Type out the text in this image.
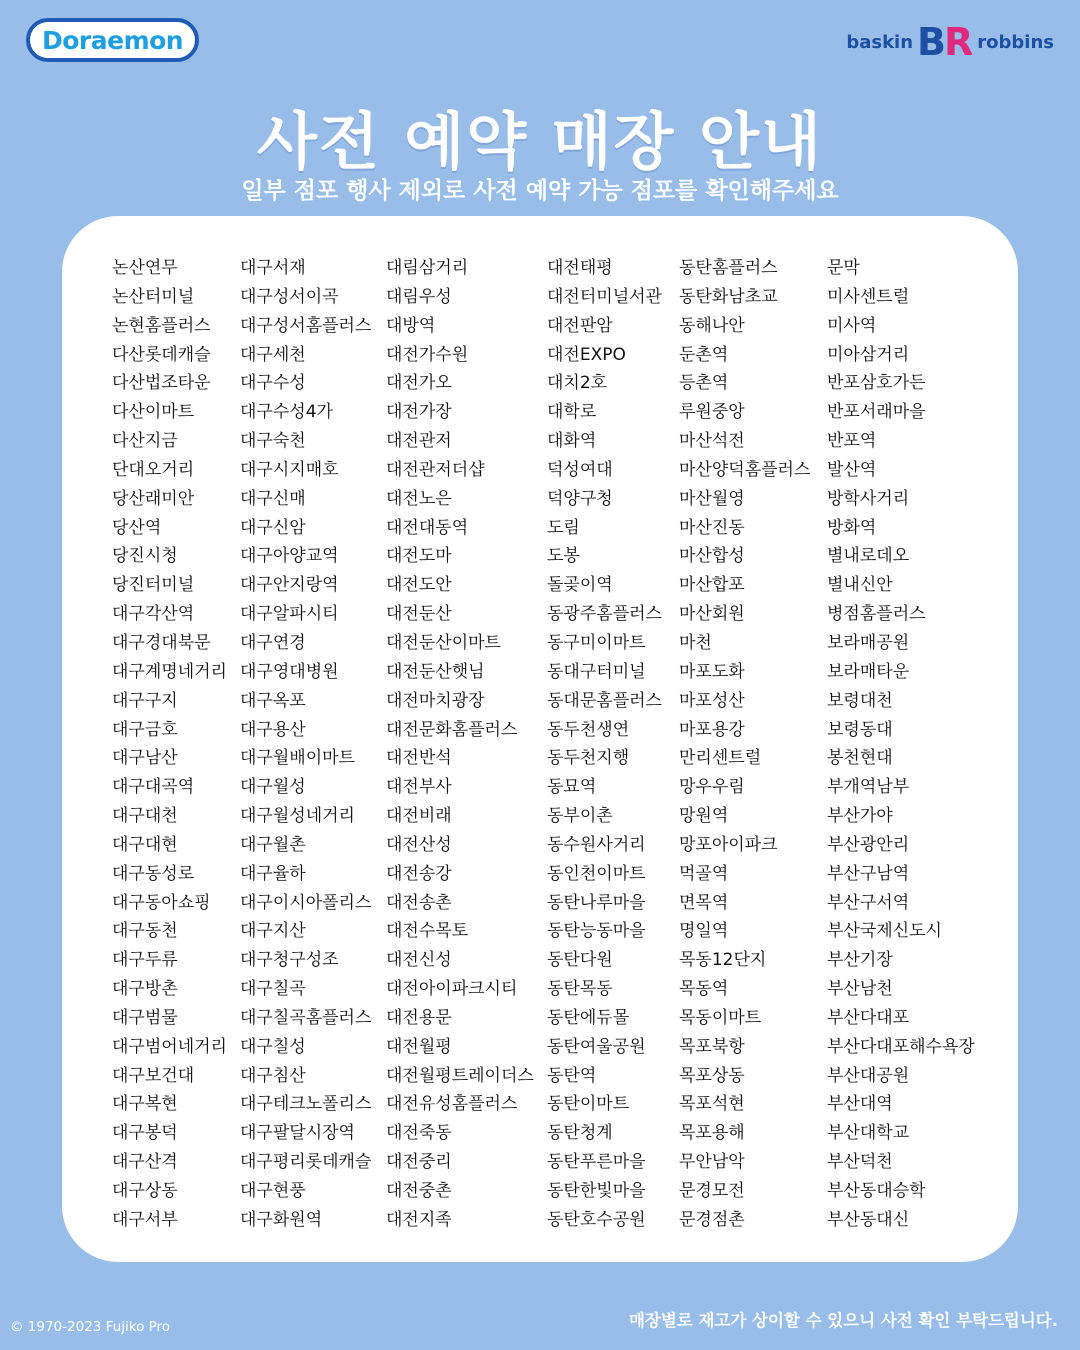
Doraemon	baskin B
R robbins
사전 예약 매장 안내
일부 점포 행사 제외로 사전 예약 가능 점포를 확인해주세요
논산연무
논산터미널
논현홈플러스
다산롯데캐슬
다산법조타운
다산이마트
다산지금
단대오거리
당산래미안
당산역
당진시청
당진터미널
대구각산역
대구경대북문
대구계명네거리
대구구지
대구금호
대구남산
대구대곡역
대구대천
대구대현
대구동성로
대구동아쇼핑
대구동천
대구두류
대구방촌
대구범물
대구범어네거리
대구보건대
대구복현
대구봉덕
대구산격
대구상동
대구서부
대구서재
대구성서이곡
대구성서홈플러스
대구세천
대구수성
대구수성4가
대구숙천
대구시지매호
대구신매
대구신암
대구아양교역
대구안지랑역
대구알파시티
대구연경
대구영대병원
대구옥포
대구용산
대구월배이마트
대구월성
대구월성네거리
대구월촌
대구율하
대구이시아폴리스
대구지산
대구청구성조
대구칠곡
대구칠곡홈플러스
대구칠성
대구침산
대구테크노폴리스
대구팔달시장역
대구평리롯데캐슬
대구현풍
대구화원역
대림삼거리
대림우성
대방역
대전가수원
대전가오
대전가장
대전관저
대전관저더샵
대전노은
대전대동역
대전도마
대전도안
대전둔산
대전둔산이마트
대전둔산햇님
대전마치광장
대전문화홈플러스
대전반석
대전부사
대전비래
대전산성
대전송강
대전송촌
대전수목토
대전신성
대전아이파크시티
대전용문
대전월평
대전월평트레이더스
대전유성홈플러스
대전죽동
대전중리
대전중촌
대전지족
대전태평
대전터미널서관
대전판암
대전EXPO
대치2호
대학로
대화역
덕성여대
덕양구청
도림
도봉
돌곶이역
동광주홈플러스
동구미이마트
동대구터미널
동대문홈플러스
동두천생연
동두천지행
동묘역
동부이촌
동수원사거리
동인천이마트
동탄나루마을
동탄능동마을
동탄다원
동탄목동
동탄에듀몰
동탄여울공원
동탄역
동탄이마트
동탄청계
동탄푸른마을
동탄한빛마을
동탄호수공원
동탄홈플러스
동탄화남초교
동해나안
둔촌역
등촌역
루원중앙
마산석전
마산양덕홈플러스
마산월영
마산진동
마산합성
마산합포
마산회원
마천
마포도화
마포성산
마포용강
만리센트럴
망우우림
망원역
망포아이파크
먹골역
면목역
명일역
목동12단지
목동역
목동이마트
목포북항
목포상동
목포석현
목포용해
무안남악
문경모전
문경점촌
문막
미사센트럴
미사역
미아삼거리
반포삼호가든
반포서래마을
반포역
발산역
방학사거리
방화역
별내로데오
별내신안
병점홈플러스
보라매공원
보라매타운
보령대천
보령동대
봉천현대
부개역남부
부산가야
부산광안리
부산구남역
부산구서역
부산국제신도시
부산기장
부산남천
부산다대포
부산다대포해수욕장
부산대공원
부산대역
부산대학교
부산덕천
부산동대승학
부산동대신
© 1970-2023 Fujiko Pro	매장별로 재고가 상이할 수 있으니 사전 확인 부탁드립니다.
